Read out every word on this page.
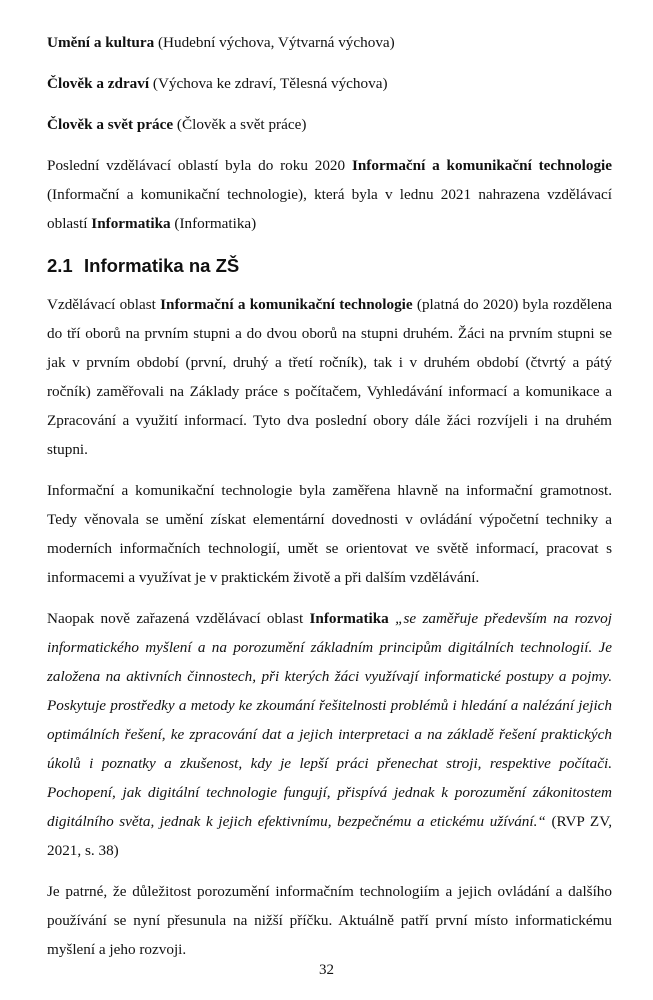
Umění a kultura (Hudební výchova, Výtvarná výchova)
Člověk a zdraví (Výchova ke zdraví, Tělesná výchova)
Člověk a svět práce (Člověk a svět práce)

Poslední vzdělávací oblastí byla do roku 2020 Informační a komunikační technologie (Informační a komunikační technologie), která byla v lednu 2021 nahrazena vzdělávací oblastí Informatika (Informatika)

2.1 Informatika na ZŠ

Vzdělávací oblast Informační a komunikační technologie (platná do 2020) byla rozdělena do tří oborů na prvním stupni a do dvou oborů na stupni druhém. Žáci na prvním stupni se jak v prvním období (první, druhý a třetí ročník), tak i v druhém období (čtvrtý a pátý ročník) zaměřovali na Základy práce s počítačem, Vyhledávání informací a komunikace a Zpracování a využití informací. Tyto dva poslední obory dále žáci rozvíjeli i na druhém stupni.

Informační a komunikační technologie byla zaměřena hlavně na informační gramotnost. Tedy věnovala se umění získat elementární dovednosti v ovládání výpočetní techniky a moderních informačních technologií, umět se orientovat ve světě informací, pracovat s informacemi a využívat je v praktickém životě a při dalším vzdělávání.

Naopak nově zařazená vzdělávací oblast Informatika „se zaměřuje především na rozvoj informatického myšlení a na porozumění základním principům digitálních technologií. Je založena na aktivních činnostech, při kterých žáci využívají informatické postupy a pojmy. Poskytuje prostředky a metody ke zkoumání řešitelnosti problémů i hledání a nalézání jejich optimálních řešení, ke zpracování dat a jejich interpretaci a na základě řešení praktických úkolů i poznatky a zkušenost, kdy je lepší práci přenechat stroji, respektive počítači. Pochopení, jak digitální technologie fungují, přispívá jednak k porozumění zákonitostem digitálního světa, jednak k jejich efektivnímu, bezpečnému a etickému užívání.“ (RVP ZV, 2021, s. 38)

Je patrné, že důležitost porozumění informačním technologiím a jejich ovládání a dalšího používání se nyní přesunula na nižší příčku. Aktuálně patří první místo informatickému myšlení a jeho rozvoji.

32
